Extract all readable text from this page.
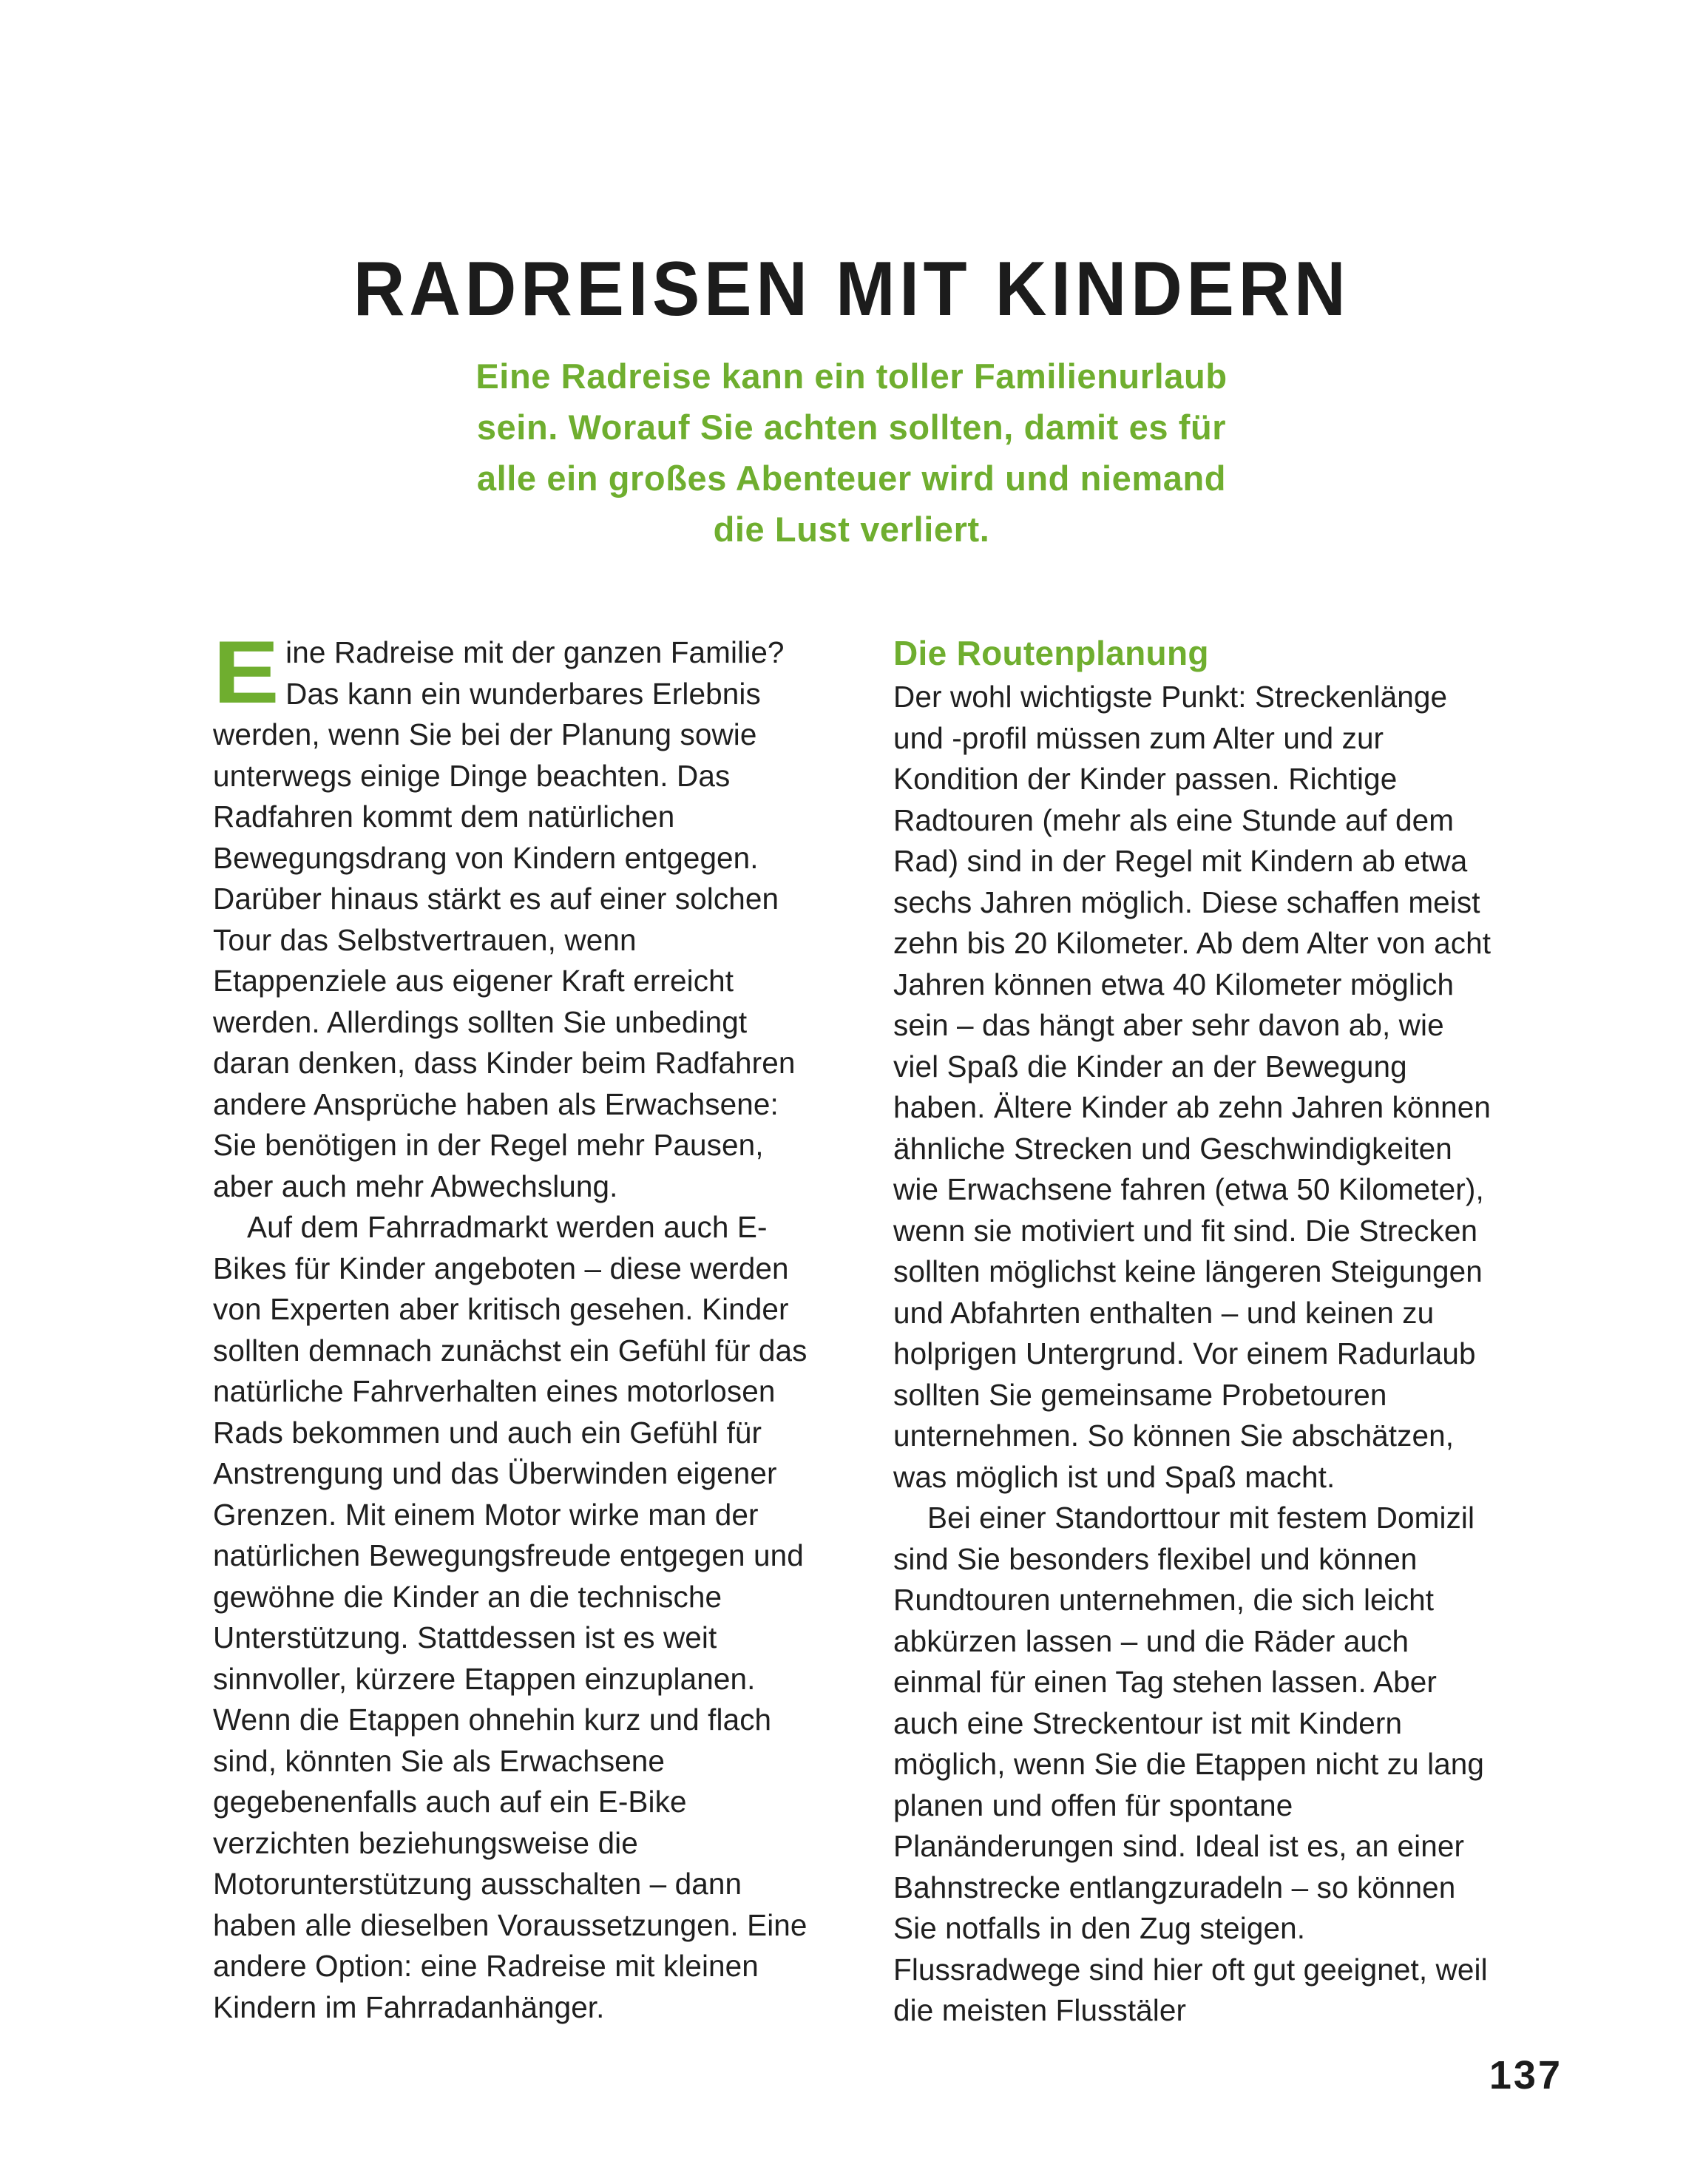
RADREISEN MIT KINDERN
Eine Radreise kann ein toller Familienurlaub
sein. Worauf Sie achten sollten, damit es für
alle ein großes Abenteuer wird und niemand
die Lust verliert.

Eine Radreise mit der ganzen Familie? Das kann ein wunderbares Erlebnis werden, wenn Sie bei der Planung sowie unterwegs einige Dinge beachten. Das Radfahren kommt dem natürlichen Bewegungsdrang von Kindern entgegen. Darüber hinaus stärkt es auf einer solchen Tour das Selbstvertrauen, wenn Etappenziele aus eigener Kraft erreicht werden. Allerdings sollten Sie unbedingt daran denken, dass Kinder beim Radfahren andere Ansprüche haben als Erwachsene: Sie benötigen in der Regel mehr Pausen, aber auch mehr Abwechslung.

Auf dem Fahrradmarkt werden auch E-Bikes für Kinder angeboten – diese werden von Experten aber kritisch gesehen. Kinder sollten demnach zunächst ein Gefühl für das natürliche Fahrverhalten eines motorlosen Rads bekommen und auch ein Gefühl für Anstrengung und das Überwinden eigener Grenzen. Mit einem Motor wirke man der natürlichen Bewegungsfreude entgegen und gewöhne die Kinder an die technische Unterstützung. Stattdessen ist es weit sinnvoller, kürzere Etappen einzuplanen. Wenn die Etappen ohnehin kurz und flach sind, könnten Sie als Erwachsene gegebenenfalls auch auf ein E-Bike verzichten beziehungsweise die Motorunterstützung ausschalten – dann haben alle dieselben Voraussetzungen. Eine andere Option: eine Radreise mit kleinen Kindern im Fahrradanhänger.

Die Routenplanung

Der wohl wichtigste Punkt: Streckenlänge und -profil müssen zum Alter und zur Kondition der Kinder passen. Richtige Radtouren (mehr als eine Stunde auf dem Rad) sind in der Regel mit Kindern ab etwa sechs Jahren möglich. Diese schaffen meist zehn bis 20 Kilometer. Ab dem Alter von acht Jahren können etwa 40 Kilometer möglich sein – das hängt aber sehr davon ab, wie viel Spaß die Kinder an der Bewegung haben. Ältere Kinder ab zehn Jahren können ähnliche Strecken und Geschwindigkeiten wie Erwachsene fahren (etwa 50 Kilometer), wenn sie motiviert und fit sind. Die Strecken sollten möglichst keine längeren Steigungen und Abfahrten enthalten – und keinen zu holprigen Untergrund. Vor einem Radurlaub sollten Sie gemeinsame Probetouren unternehmen. So können Sie abschätzen, was möglich ist und Spaß macht.

Bei einer Standorttour mit festem Domizil sind Sie besonders flexibel und können Rundtouren unternehmen, die sich leicht abkürzen lassen – und die Räder auch einmal für einen Tag stehen lassen. Aber auch eine Streckentour ist mit Kindern möglich, wenn Sie die Etappen nicht zu lang planen und offen für spontane Planänderungen sind. Ideal ist es, an einer Bahnstrecke entlangzuradeln – so können Sie notfalls in den Zug steigen. Flussradwege sind hier oft gut geeignet, weil die meisten Flusstäler

137
